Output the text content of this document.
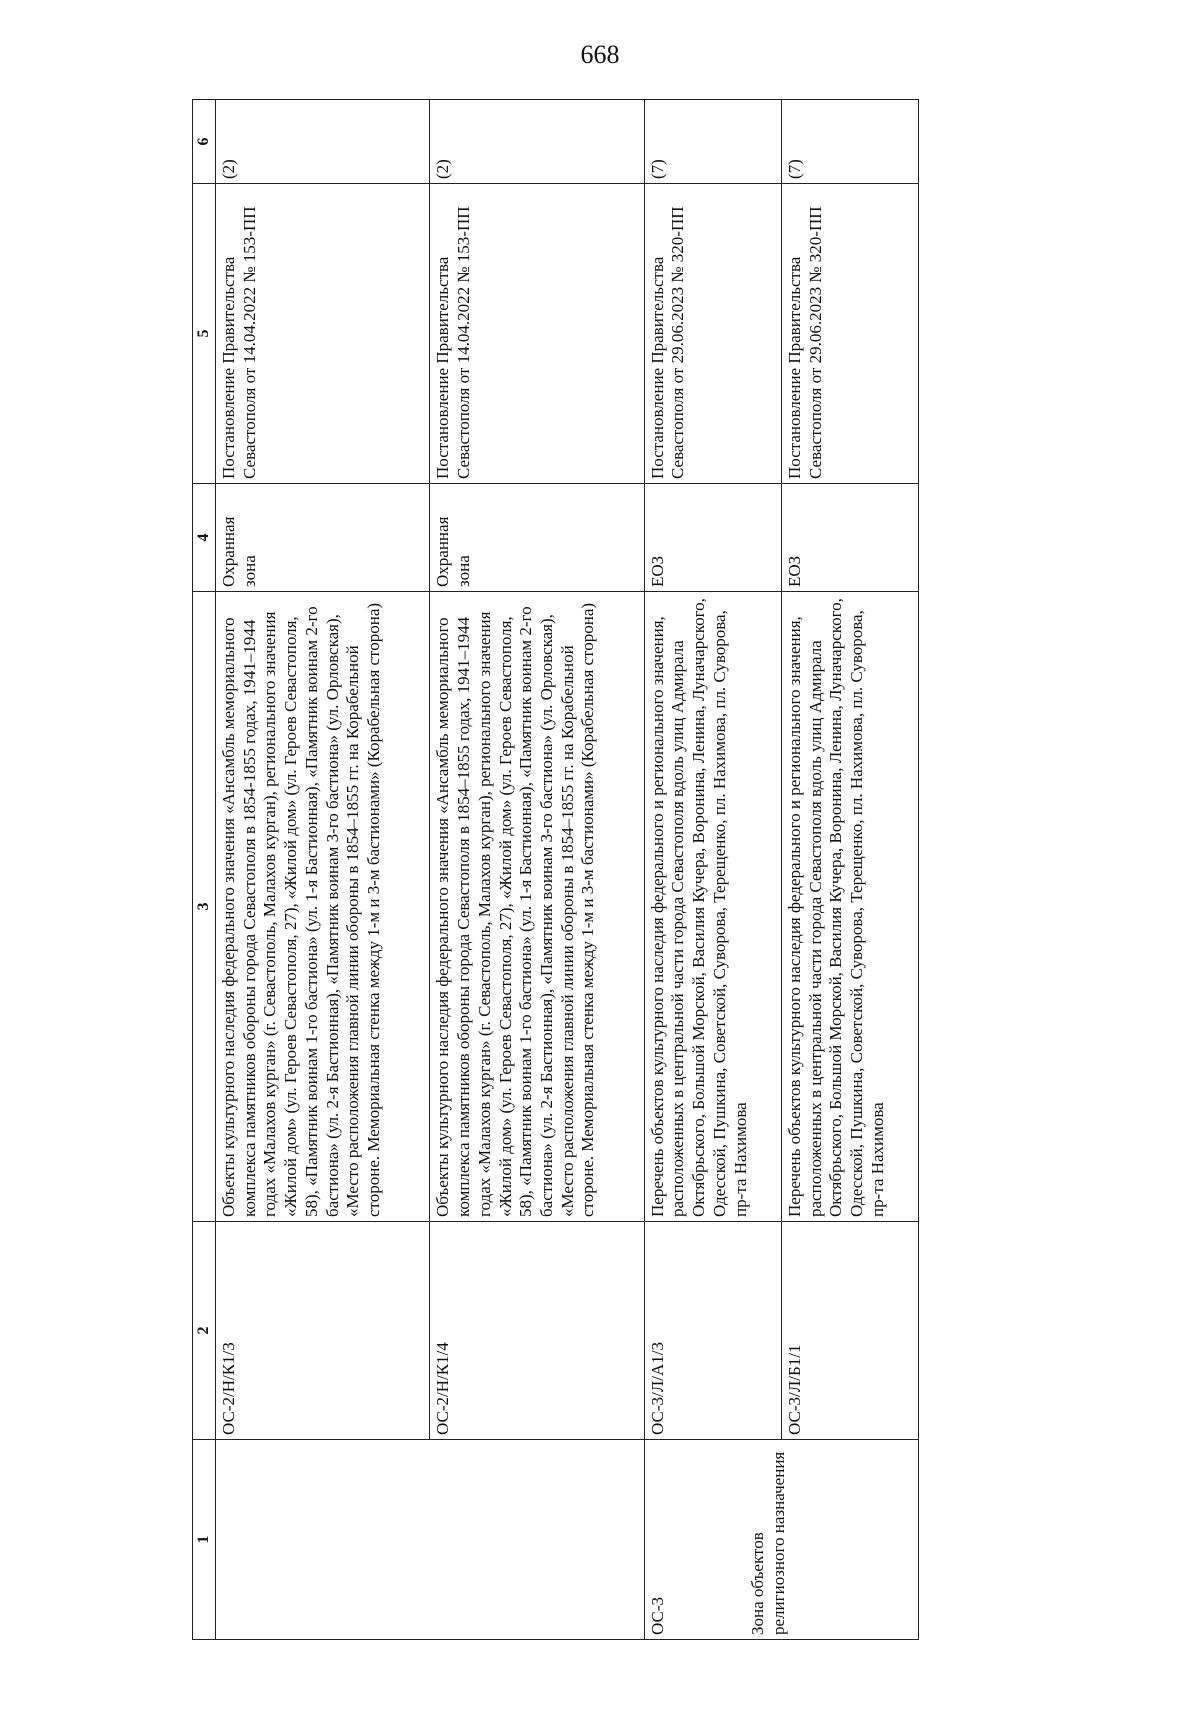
668
1	2	3	4	5	6
	ОС-2/Н/К1/3	Объекты культурного наследия федерального значения «Ансамбль мемориального комплекса памятников обороны города Севастополя в 1854-1855 годах, 1941–1944 годах «Малахов курган» (г. Севастополь, Малахов курган), регионального значения «Жилой дом» (ул. Героев Севастополя, 27), «Жилой дом» (ул. Героев Севастополя, 58), «Памятник воинам 1-го бастиона» (ул. 1-я Бастионная), «Памятник воинам 2-го бастиона» (ул. 2-я Бастионная), «Памятник воинам 3-го бастиона» (ул. Орловская), «Место расположения главной линии обороны в 1854–1855 гг. на Корабельной стороне. Мемориальная стенка между 1-м и 3-м бастионами» (Корабельная сторона)	Охранная зона	Постановление Правительства Севастополя от 14.04.2022 № 153-ПП	(2)
	ОС-2/Н/К1/4	Объекты культурного наследия федерального значения «Ансамбль мемориального комплекса памятников обороны города Севастополя в 1854–1855 годах, 1941–1944 годах «Малахов курган» (г. Севастополь, Малахов курган), регионального значения «Жилой дом» (ул. Героев Севастополя, 27), «Жилой дом» (ул. Героев Севастополя, 58), «Памятник воинам 1-го бастиона» (ул. 1-я Бастионная), «Памятник воинам 2-го бастиона» (ул. 2-я Бастионная), «Памятник воинам 3-го бастиона» (ул. Орловская), «Место расположения главной линии обороны в 1854–1855 гг. на Корабельной стороне. Мемориальная стенка между 1-м и 3-м бастионами» (Корабельная сторона)	Охранная зона	Постановление Правительства Севастополя от 14.04.2022 № 153-ПП	(2)

ОС-3 Зона объектов религиозного назначения	ОС-3/Л/А1/3	Перечень объектов культурного наследия федерального и регионального значения, расположенных в центральной части города Севастополя вдоль улиц Адмирала Октябрьского, Большой Морской, Василия Кучера, Воронина, Ленина, Луначарского, Одесской, Пушкина, Советской, Суворова, Терещенко, пл. Нахимова, пл. Суворова, пр-та Нахимова	ЕОЗ	Постановление Правительства Севастополя от 29.06.2023 № 320-ПП	(7)
	ОС-3/Л/Б1/1	Перечень объектов культурного наследия федерального и регионального значения, расположенных в центральной части города Севастополя вдоль улиц Адмирала Октябрьского, Большой Морской, Василия Кучера, Воронина, Ленина, Луначарского, Одесской, Пушкина, Советской, Суворова, Терещенко, пл. Нахимова, пл. Суворова, пр-та Нахимова	ЕОЗ	Постановление Правительства Севастополя от 29.06.2023 № 320-ПП	(7)
